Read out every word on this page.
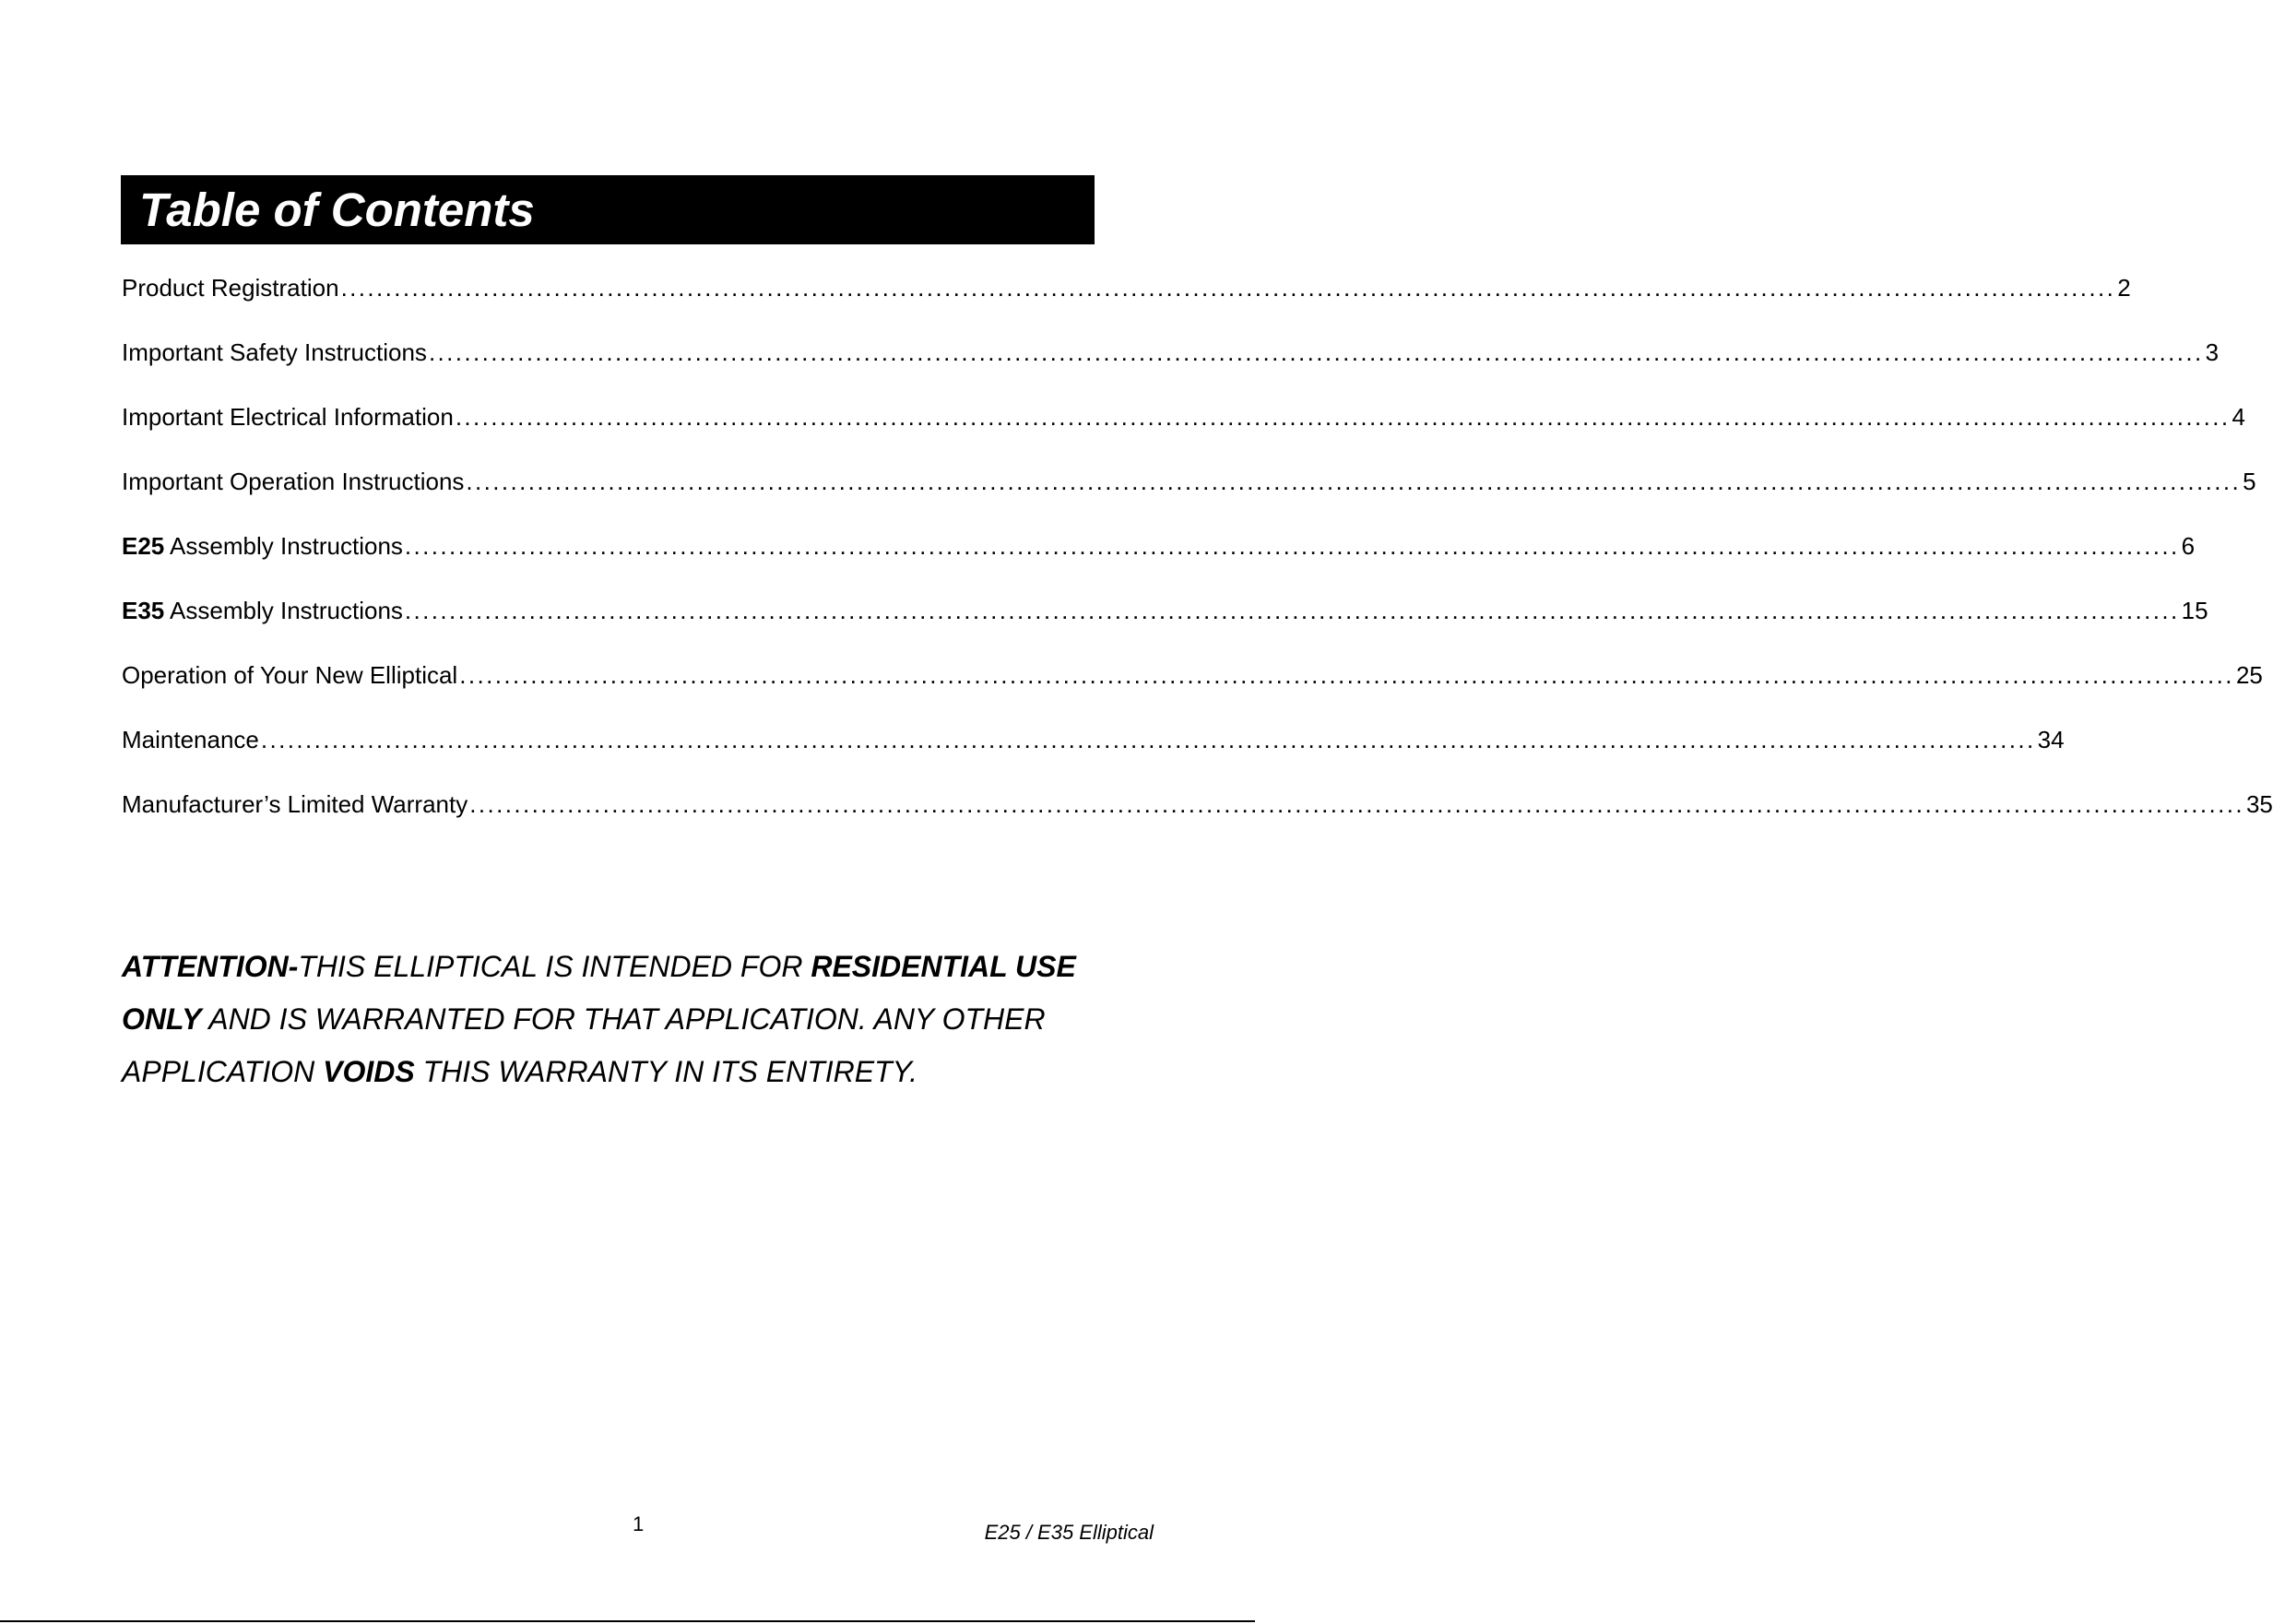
Table of Contents
Product Registration ........................................................................................................................................................................................................ 2
Important Safety Instructions ........................................................................................................................................................................................................ 3
Important Electrical Information ........................................................................................................................................................................................................ 4
Important Operation Instructions ........................................................................................................................................................................................................ 5
E25 Assembly Instructions ........................................................................................................................................................................................................ 6
E35 Assembly Instructions ........................................................................................................................................................................................................ 15
Operation of Your New Elliptical ........................................................................................................................................................................................................ 25
Maintenance ........................................................................................................................................................................................................ 34
Manufacturer’s Limited Warranty ........................................................................................................................................................................................................ 35
ATTENTION-THIS ELLIPTICAL IS INTENDED FOR RESIDENTIAL USE ONLY AND IS WARRANTED FOR THAT APPLICATION. ANY OTHER APPLICATION VOIDS THIS WARRANTY IN ITS ENTIRETY.
1	E25 / E35 Elliptical
